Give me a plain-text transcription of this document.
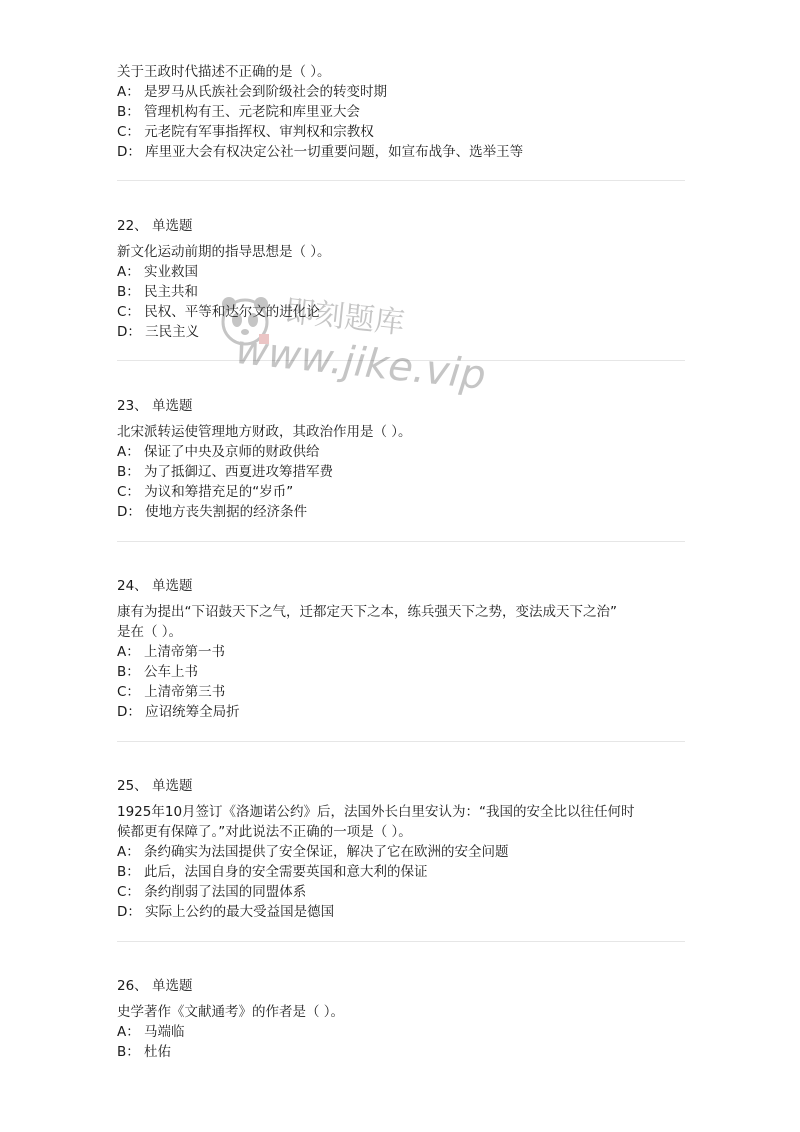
关于王政时代描述不正确的是（ ）。
A： 是罗马从氏族社会到阶级社会的转变时期
B： 管理机构有王、元老院和库里亚大会
C： 元老院有军事指挥权、审判权和宗教权
D： 库里亚大会有权决定公社一切重要问题，如宣布战争、选举王等
22、 单选题
新文化运动前期的指导思想是（ ）。
A： 实业救国
B： 民主共和
C： 民权、平等和达尔文的进化论
D： 三民主义
23、 单选题
北宋派转运使管理地方财政，其政治作用是（ ）。
A： 保证了中央及京师的财政供给
B： 为了抵御辽、西夏进攻筹措军费
C： 为议和筹措充足的“岁币”
D： 使地方丧失割据的经济条件
24、 单选题
康有为提出“下诏鼓天下之气，迁都定天下之本，练兵强天下之势，变法成天下之治”
是在（ ）。
A： 上清帝第一书
B： 公车上书
C： 上清帝第三书
D： 应诏统筹全局折
25、 单选题
1925年10月签订《洛迦诺公约》后，法国外长白里安认为：“我国的安全比以往任何时
候都更有保障了。”对此说法不正确的一项是（ ）。
A： 条约确实为法国提供了安全保证，解决了它在欧洲的安全问题
B： 此后，法国自身的安全需要英国和意大利的保证
C： 条约削弱了法国的同盟体系
D： 实际上公约的最大受益国是德国
26、 单选题
史学著作《文献通考》的作者是（ ）。
A： 马端临
B： 杜佑
即刻题库
www.jike.vip
